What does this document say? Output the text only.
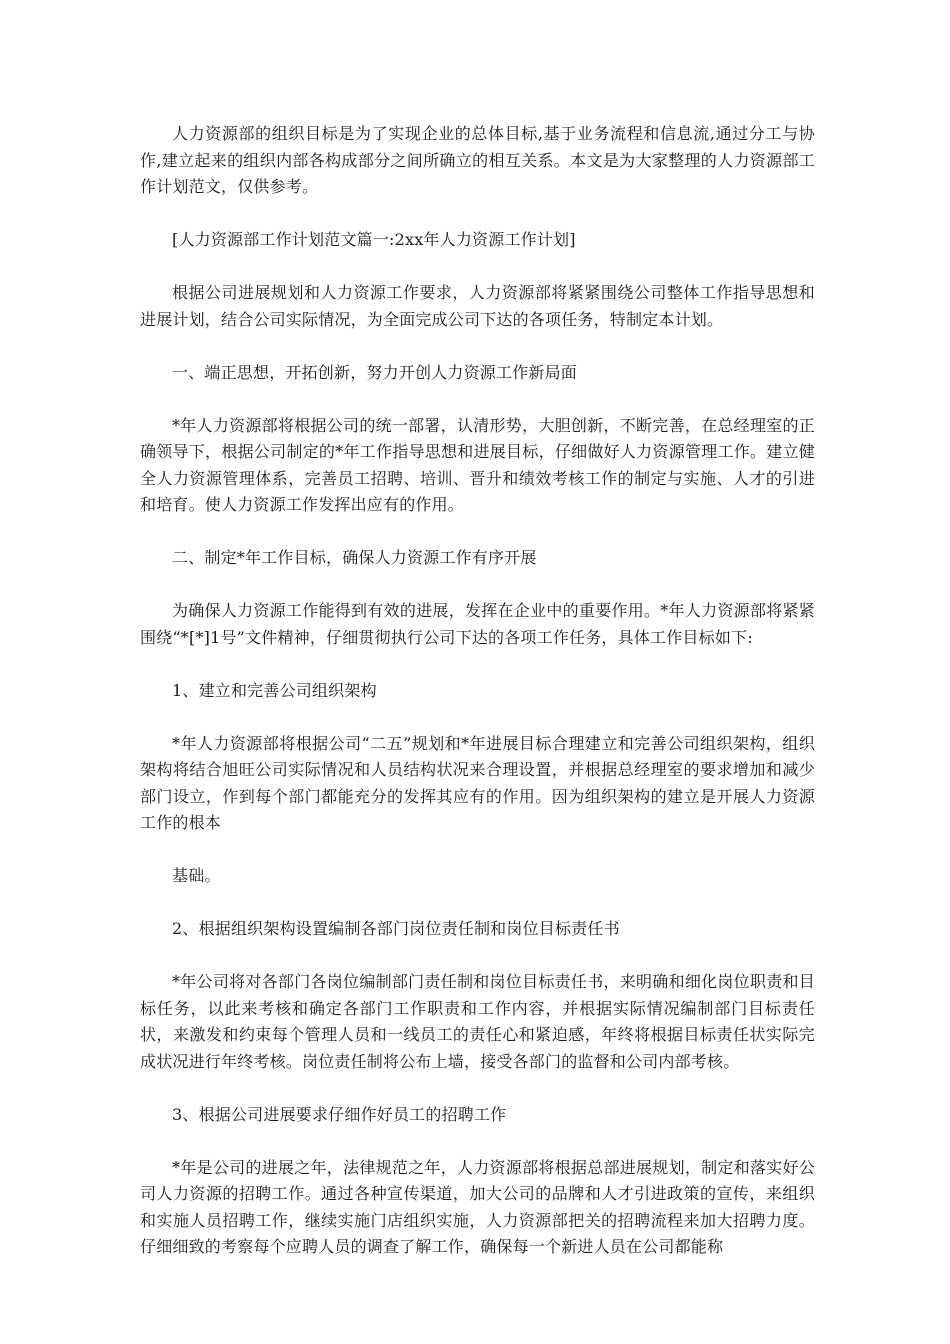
人力资源部的组织目标是为了实现企业的总体目标,基于业务流程和信息流,通过分工与协作,建立起来的组织内部各构成部分之间所确立的相互关系。本文是为大家整理的人力资源部工作计划范文，仅供参考。

[人力资源部工作计划范文篇一:2xx年人力资源工作计划]

根据公司进展规划和人力资源工作要求，人力资源部将紧紧围绕公司整体工作指导思想和进展计划，结合公司实际情况，为全面完成公司下达的各项任务，特制定本计划。

一、端正思想，开拓创新，努力开创人力资源工作新局面

*年人力资源部将根据公司的统一部署，认清形势，大胆创新，不断完善，在总经理室的正确领导下，根据公司制定的*年工作指导思想和进展目标，仔细做好人力资源管理工作。建立健全人力资源管理体系，完善员工招聘、培训、晋升和绩效考核工作的制定与实施、人才的引进和培育。使人力资源工作发挥出应有的作用。

二、制定*年工作目标，确保人力资源工作有序开展

为确保人力资源工作能得到有效的进展，发挥在企业中的重要作用。*年人力资源部将紧紧围绕“*[*]1号”文件精神，仔细贯彻执行公司下达的各项工作任务，具体工作目标如下:

1、建立和完善公司组织架构

*年人力资源部将根据公司“二五”规划和*年进展目标合理建立和完善公司组织架构，组织架构将结合旭旺公司实际情况和人员结构状况来合理设置，并根据总经理室的要求增加和减少部门设立，作到每个部门都能充分的发挥其应有的作用。因为组织架构的建立是开展人力资源工作的根本

基础。

2、根据组织架构设置编制各部门岗位责任制和岗位目标责任书

*年公司将对各部门各岗位编制部门责任制和岗位目标责任书，来明确和细化岗位职责和目标任务，以此来考核和确定各部门工作职责和工作内容，并根据实际情况编制部门目标责任状，来激发和约束每个管理人员和一线员工的责任心和紧迫感，年终将根据目标责任状实际完成状况进行年终考核。岗位责任制将公布上墙，接受各部门的监督和公司内部考核。

3、根据公司进展要求仔细作好员工的招聘工作

*年是公司的进展之年，法律规范之年，人力资源部将根据总部进展规划，制定和落实好公司人力资源的招聘工作。通过各种宣传渠道，加大公司的品牌和人才引进政策的宣传，来组织和实施人员招聘工作，继续实施门店组织实施，人力资源部把关的招聘流程来加大招聘力度。仔细细致的考察每个应聘人员的调查了解工作，确保每一个新进人员在公司都能称
